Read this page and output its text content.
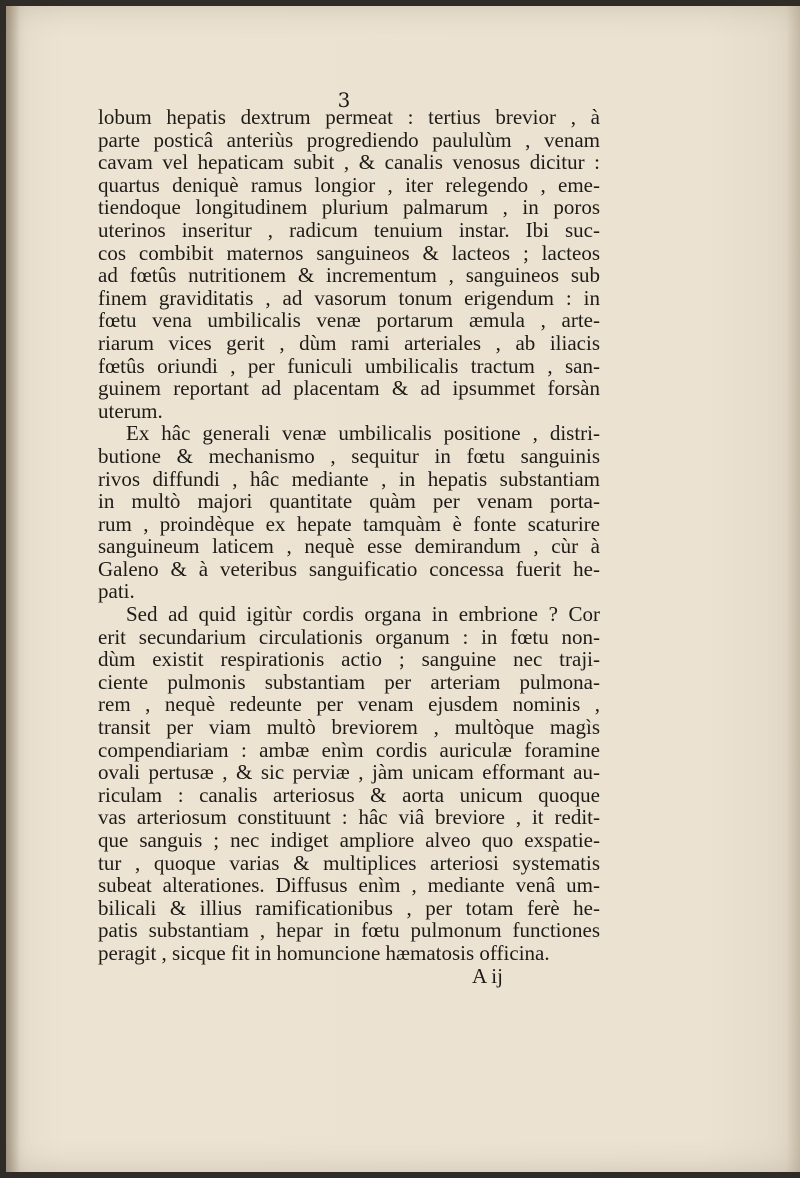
3
lobum hepatis dextrum permeat : tertius brevior , à
parte posticâ anteriùs progrediendo paululùm , venam
cavam vel hepaticam subit , & canalis venosus dicitur :
quartus deniquè ramus longior , iter relegendo , eme-
tiendoque longitudinem plurium palmarum , in poros
uterinos inseritur , radicum tenuium instar. Ibi suc-
cos combibit maternos sanguineos & lacteos ; lacteos
ad fœtûs nutritionem & incrementum , sanguineos sub
finem graviditatis , ad vasorum tonum erigendum : in
fœtu vena umbilicalis venæ portarum æmula , arte-
riarum vices gerit , dùm rami arteriales , ab iliacis
fœtûs oriundi , per funiculi umbilicalis tractum , san-
guinem reportant ad placentam & ad ipsummet forsàn
uterum.
Ex hâc generali venæ umbilicalis positione , distri-
butione & mechanismo , sequitur in fœtu sanguinis
rivos diffundi , hâc mediante , in hepatis substantiam
in multò majori quantitate quàm per venam porta-
rum , proindèque ex hepate tamquàm è fonte scaturire
sanguineum laticem , nequè esse demirandum , cùr à
Galeno & à veteribus sanguificatio concessa fuerit he-
pati.
Sed ad quid igitùr cordis organa in embrione ? Cor
erit secundarium circulationis organum : in fœtu non-
dùm existit respirationis actio ; sanguine nec traji-
ciente pulmonis substantiam per arteriam pulmona-
rem , nequè redeunte per venam ejusdem nominis ,
transit per viam multò breviorem , multòque magìs
compendiariam : ambæ enìm cordis auriculæ foramine
ovali pertusæ , & sic perviæ , jàm unicam efformant au-
riculam : canalis arteriosus & aorta unicum quoque
vas arteriosum constituunt : hâc viâ breviore , it redit-
que sanguis ; nec indiget ampliore alveo quo exspatie-
tur , quoque varias & multiplices arteriosi systematis
subeat alterationes. Diffusus enìm , mediante venâ um-
bilicali & illius ramificationibus , per totam ferè he-
patis substantiam , hepar in fœtu pulmonum functiones
peragit , sicque fit in homuncione hæmatosis officina.
A ij
